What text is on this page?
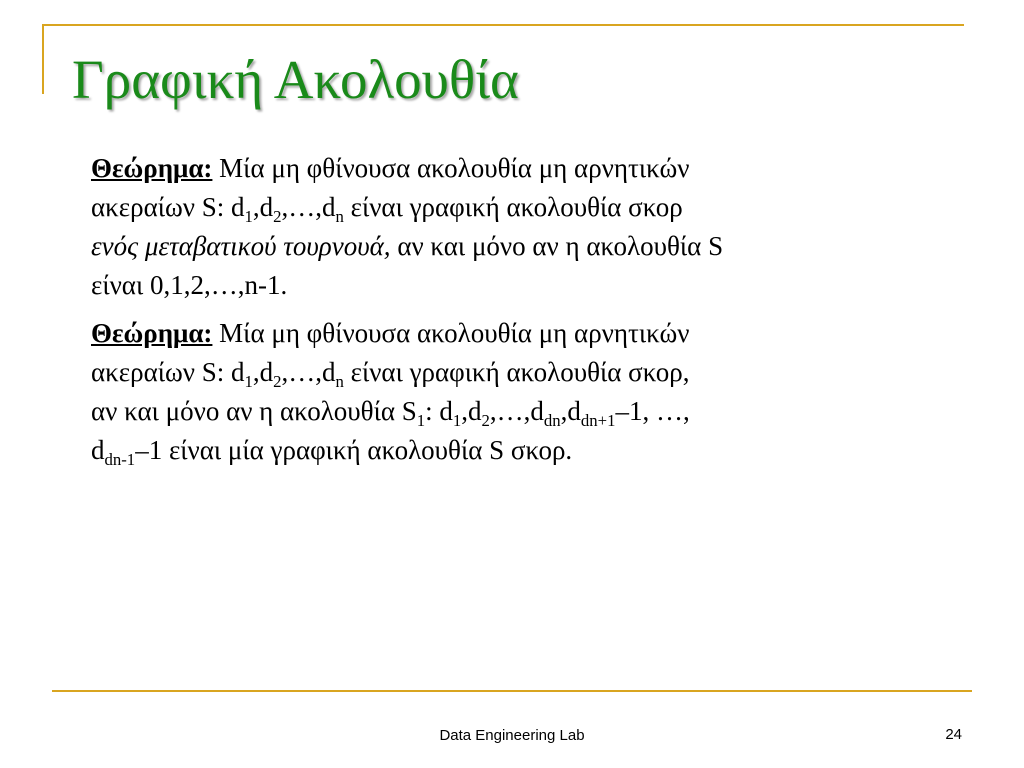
Γραφική Ακολουθία

Θεώρημα: Μία μη φθίνουσα ακολουθία μη αρνητικών
ακεραίων S: $d_1,d_2,\dots,d_n$ είναι γραφική ακολουθία σκορ
ενός μεταβατικού τουρνουά, αν και μόνο αν η ακολουθία S
είναι 0,1,2,…,n-1.

Θεώρημα: Μία μη φθίνουσα ακολουθία μη αρνητικών
ακεραίων S: $d_1,d_2,\dots,d_n$ είναι γραφική ακολουθία σκορ,
αν και μόνο αν η ακολουθία $S_1$: $d_1,d_2,\dots,d_{dn},d_{dn+1}-1$, …,
$d_{dn-1}-1$ είναι μία γραφική ακολουθία S σκορ.

Data Engineering Lab	24
